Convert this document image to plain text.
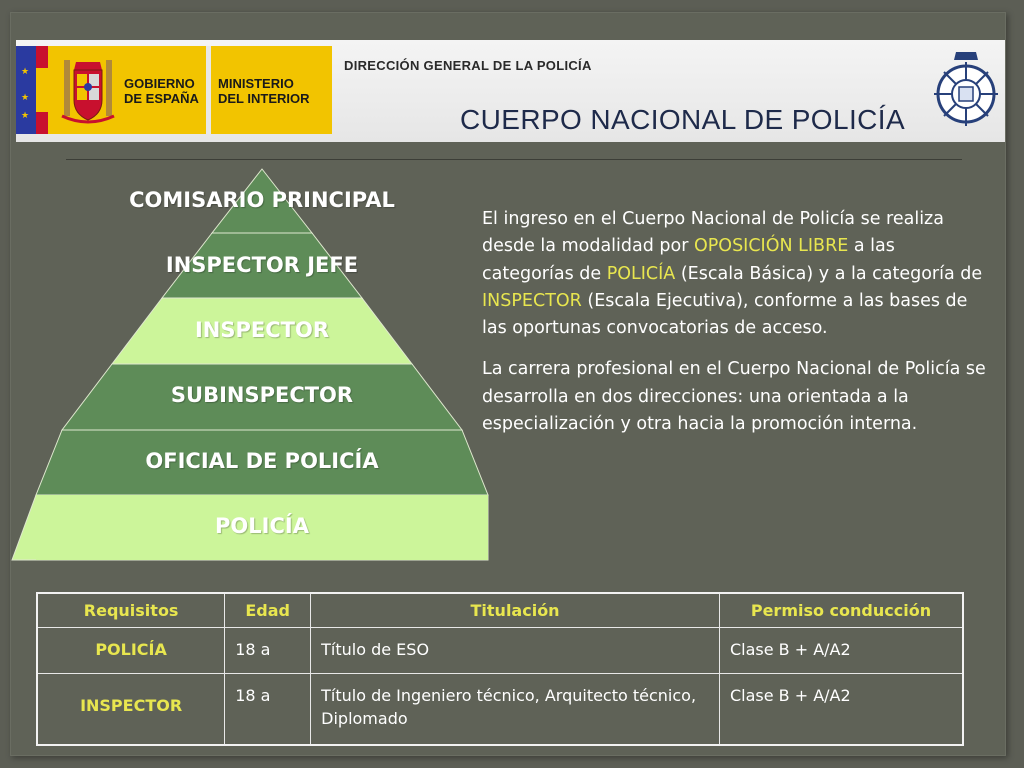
★
★
★
GOBIERNO
DE ESPAÑA
MINISTERIO
DEL INTERIOR
DIRECCIÓN GENERAL DE LA POLICÍA
CUERPO NACIONAL DE POLICÍA
COMISARIO PRINCIPAL
INSPECTOR JEFE
INSPECTOR
SUBINSPECTOR
OFICIAL DE POLICÍA
POLICÍA

El ingreso en el Cuerpo Nacional de Policía se realiza desde la modalidad por OPOSICIÓN LIBRE a las categorías de POLICÍA (Escala Básica) y a la categoría de INSPECTOR (Escala Ejecutiva), conforme a las bases de las oportunas convocatorias de acceso.

La carrera profesional en el Cuerpo Nacional de Policía se desarrolla en dos direcciones: una orientada a la especialización y otra hacia la promoción interna.

Requisitos	Edad	Titulación	Permiso conducción
POLICÍA	18 a	Título de ESO	Clase B + A/A2
INSPECTOR	18 a	Título de Ingeniero técnico, Arquitecto técnico, Diplomado	Clase B + A/A2
